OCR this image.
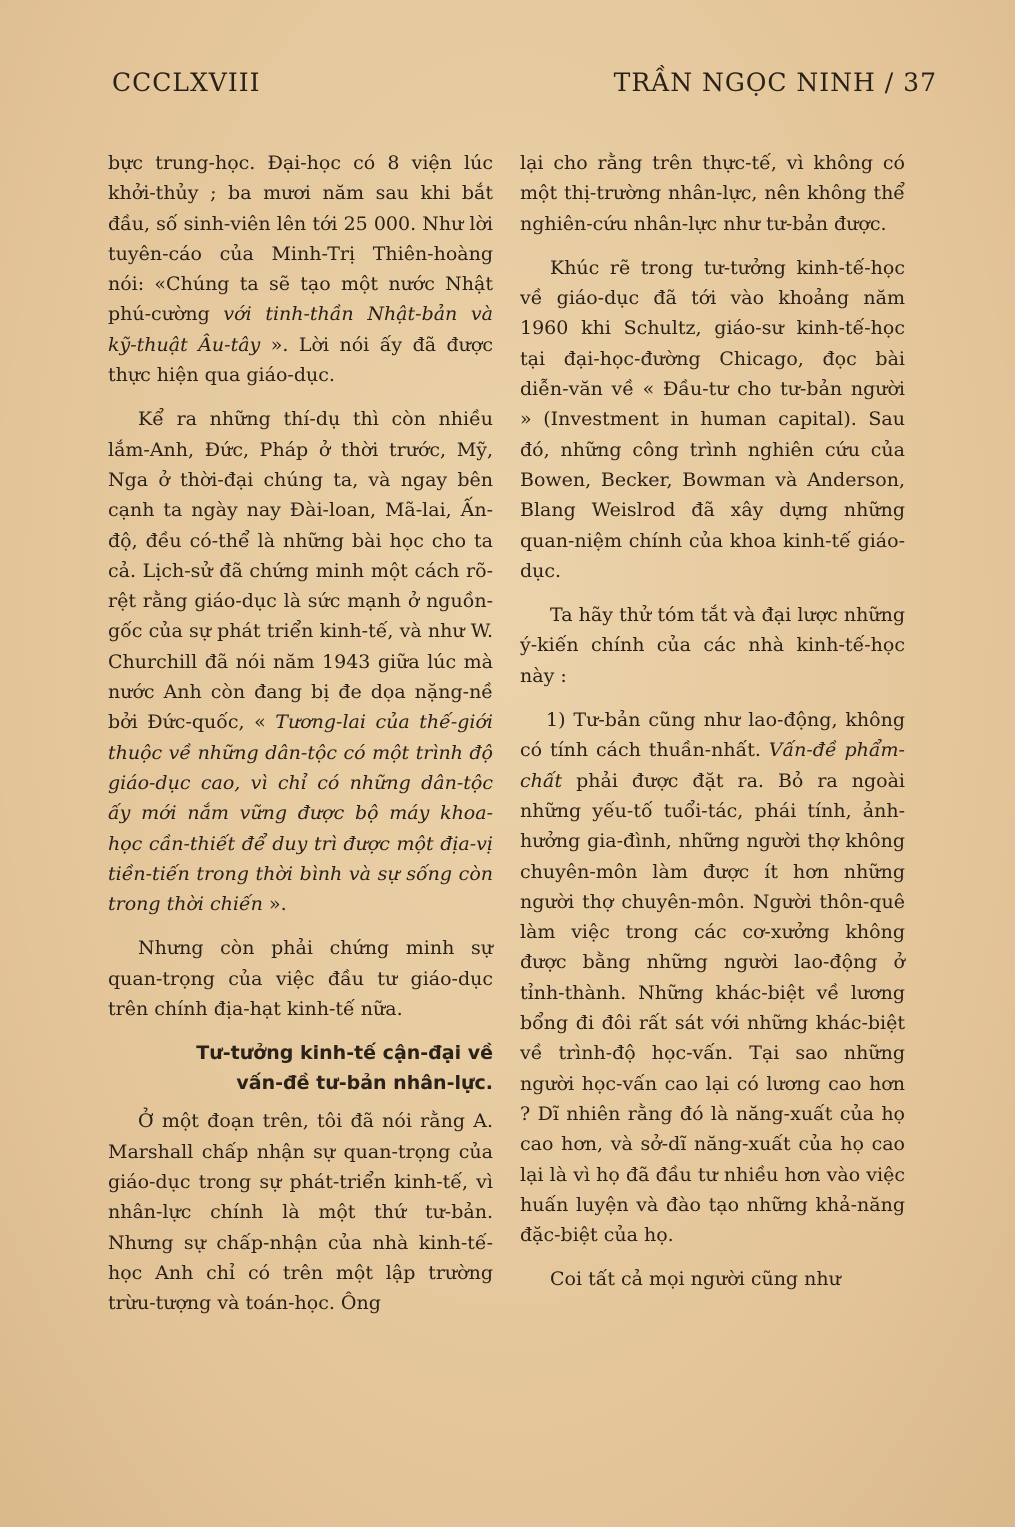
CCCLXVIII	TRẦN NGỌC NINH / 37

bực trung-học. Đại-học có 8 viện lúc khởi-thủy ; ba mươi năm sau khi bắt đầu, số sinh-viên lên tới 25 000. Như lời tuyên-cáo của Minh-Trị Thiên-hoàng nói: «Chúng ta sẽ tạo một nước Nhật phú-cường với tinh-thần Nhật-bản và kỹ-thuật Âu-tây ». Lời nói ấy đã được thực hiện qua giáo-dục.

Kể ra những thí-dụ thì còn nhiều lắm-Anh, Đức, Pháp ở thời trước, Mỹ, Nga ở thời-đại chúng ta, và ngay bên cạnh ta ngày nay Đài-loan, Mã-lai, Ấn-độ, đều có-thể là những bài học cho ta cả. Lịch-sử đã chứng minh một cách rõ-rệt rằng giáo-dục là sức mạnh ở nguồn-gốc của sự phát triển kinh-tế, và như W. Churchill đã nói năm 1943 giữa lúc mà nước Anh còn đang bị đe dọa nặng-nề bởi Đức-quốc, « Tương-lai của thế-giới thuộc về những dân-tộc có một trình độ giáo-dục cao, vì chỉ có những dân-tộc ấy mới nắm vững được bộ máy khoa-học cần-thiết để duy trì được một địa-vị tiền-tiến trong thời bình và sự sống còn trong thời chiến ».

Nhưng còn phải chứng minh sự quan-trọng của việc đầu tư giáo-dục trên chính địa-hạt kinh-tế nữa.

Tư-tưởng kinh-tế cận-đại về
vấn-đề tư-bản nhân-lực.

Ở một đoạn trên, tôi đã nói rằng A. Marshall chấp nhận sự quan-trọng của giáo-dục trong sự phát-triển kinh-tế, vì nhân-lực chính là một thứ tư-bản. Nhưng sự chấp-nhận của nhà kinh-tế-học Anh chỉ có trên một lập trường trừu-tượng và toán-học. Ông

lại cho rằng trên thực-tế, vì không có một thị-trường nhân-lực, nên không thể nghiên-cứu nhân-lực như tư-bản được.

Khúc rẽ trong tư-tưởng kinh-tế-học về giáo-dục đã tới vào khoảng năm 1960 khi Schultz, giáo-sư kinh-tế-học tại đại-học-đường Chicago, đọc bài diễn-văn về « Đầu-tư cho tư-bản người » (Investment in human capital). Sau đó, những công trình nghiên cứu của Bowen, Becker, Bowman và Anderson, Blang Weislrod đã xây dựng những quan-niệm chính của khoa kinh-tế giáo-dục.

Ta hãy thử tóm tắt và đại lược những ý-kiến chính của các nhà kinh-tế-học này :

1) Tư-bản cũng như lao-động, không có tính cách thuần-nhất. Vấn-đề phẩm-chất phải được đặt ra. Bỏ ra ngoài những yếu-tố tuổi-tác, phái tính, ảnh-hưởng gia-đình, những người thợ không chuyên-môn làm được ít hơn những người thợ chuyên-môn. Người thôn-quê làm việc trong các cơ-xưởng không được bằng những người lao-động ở tỉnh-thành. Những khác-biệt về lương bổng đi đôi rất sát với những khác-biệt về trình-độ học-vấn. Tại sao những người học-vấn cao lại có lương cao hơn ? Dĩ nhiên rằng đó là năng-xuất của họ cao hơn, và sở-dĩ năng-xuất của họ cao lại là vì họ đã đầu tư nhiều hơn vào việc huấn luyện và đào tạo những khả-năng đặc-biệt của họ.

Coi tất cả mọi người cũng như
